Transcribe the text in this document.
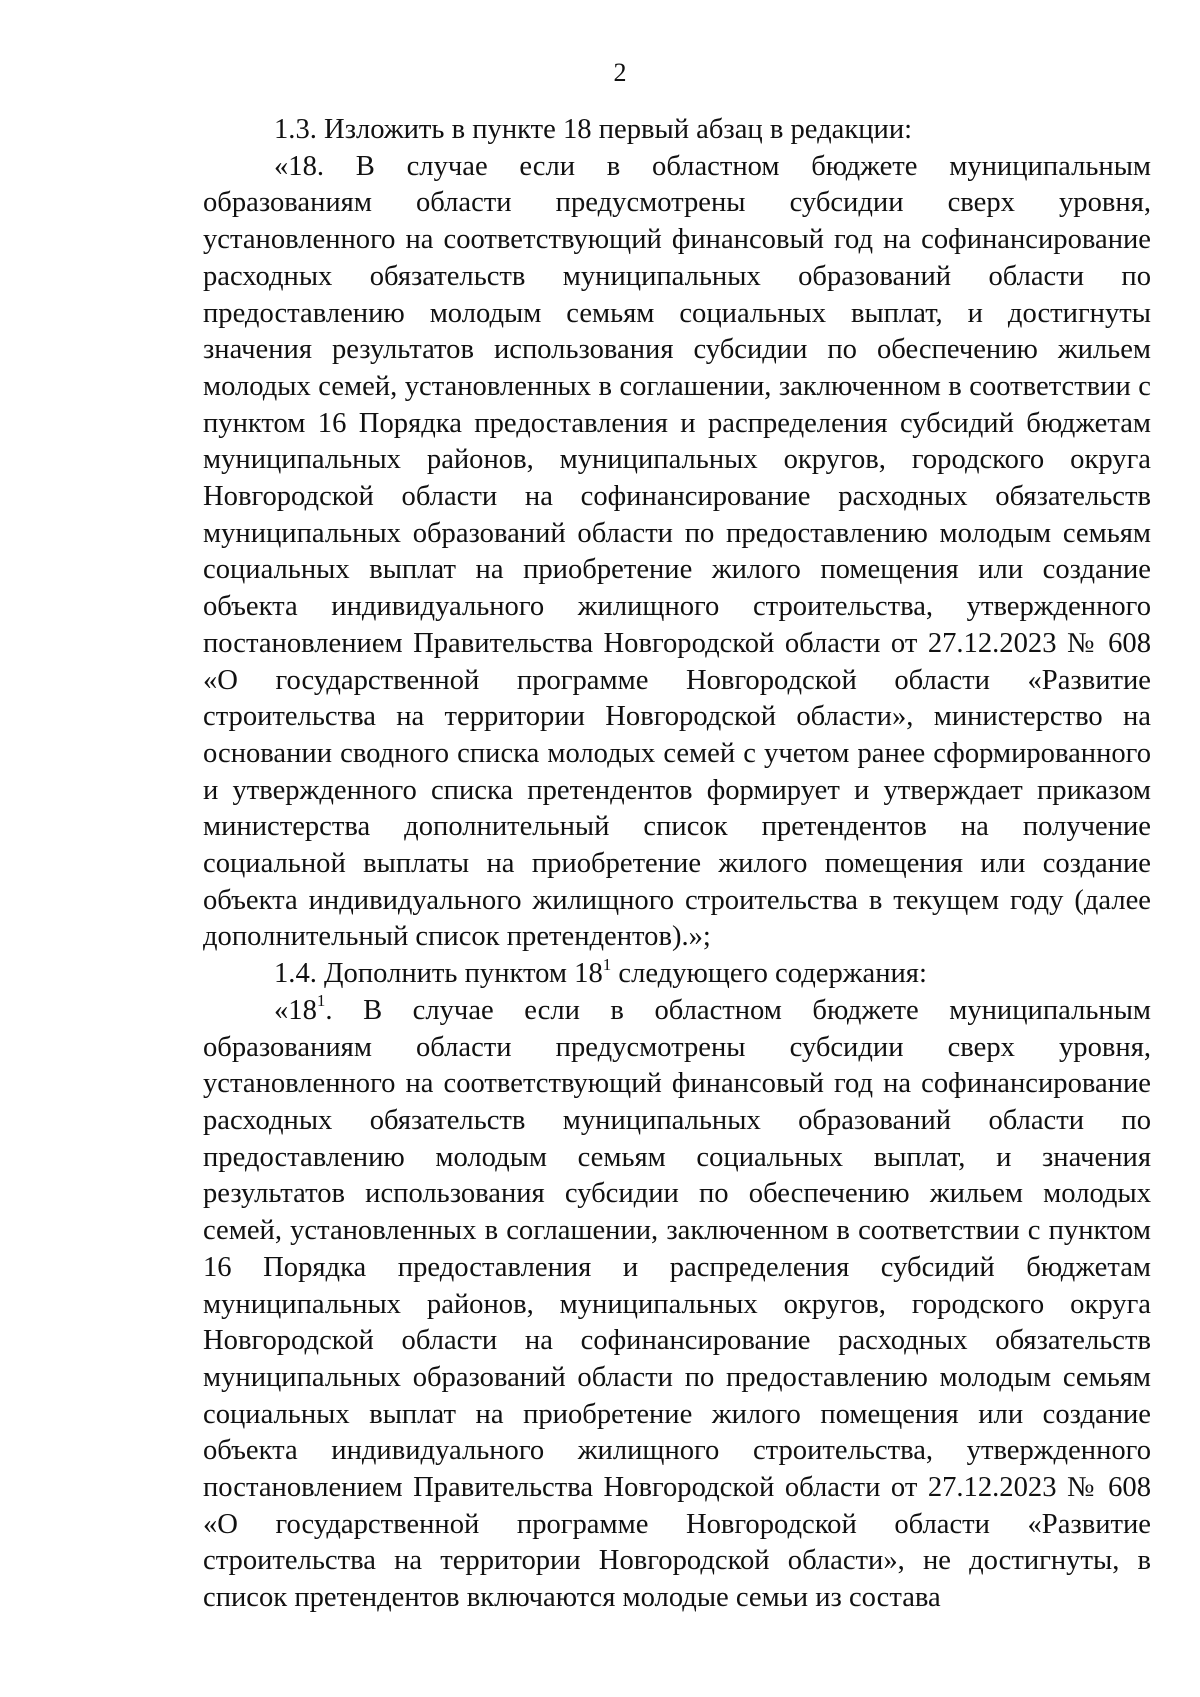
2

1.3. Изложить в пункте 18 первый абзац в редакции:

«18. В случае если в областном бюджете муниципальным образованиям области предусмотрены субсидии сверх уровня, установленного на соответствующий финансовый год на софинансирование расходных обязательств муниципальных образований области по предоставлению молодым семьям социальных выплат, и достигнуты значения результатов использования субсидии по обеспечению жильем молодых семей, установленных в соглашении, заключенном в соответствии с пунктом 16 Порядка предоставления и распределения субсидий бюджетам муниципальных районов, муниципальных округов, городского округа Новгородской области на софинансирование расходных обязательств муниципальных образований области по предоставлению молодым семьям социальных выплат на приобретение жилого помещения или создание объекта индивидуального жилищного строительства, утвержденного постановлением Правительства Новгородской области от 27.12.2023 № 608 «О государственной программе Новгородской области «Развитие строительства на территории Новгородской области», министерство на основании сводного списка молодых семей с учетом ранее сформированного и утвержденного списка претендентов формирует и утверждает приказом министерства дополнительный список претендентов на получение социальной выплаты на приобретение жилого помещения или создание объекта индивидуального жилищного строительства в текущем году (далее дополнительный список претендентов).»;

1.4. Дополнить пунктом $18^1$ следующего содержания:

«$18^1$. В случае если в областном бюджете муниципальным образованиям области предусмотрены субсидии сверх уровня, установленного на соответствующий финансовый год на софинансирование расходных обязательств муниципальных образований области по предоставлению молодым семьям социальных выплат, и значения результатов использования субсидии по обеспечению жильем молодых семей, установленных в соглашении, заключенном в соответствии с пунктом 16 Порядка предоставления и распределения субсидий бюджетам муниципальных районов, муниципальных округов, городского округа Новгородской области на софинансирование расходных обязательств муниципальных образований области по предоставлению молодым семьям социальных выплат на приобретение жилого помещения или создание объекта индивидуального жилищного строительства, утвержденного постановлением Правительства Новгородской области от 27.12.2023 № 608 «О государственной программе Новгородской области «Развитие строительства на территории Новгородской области», не достигнуты, в список претендентов включаются молодые семьи из состава
